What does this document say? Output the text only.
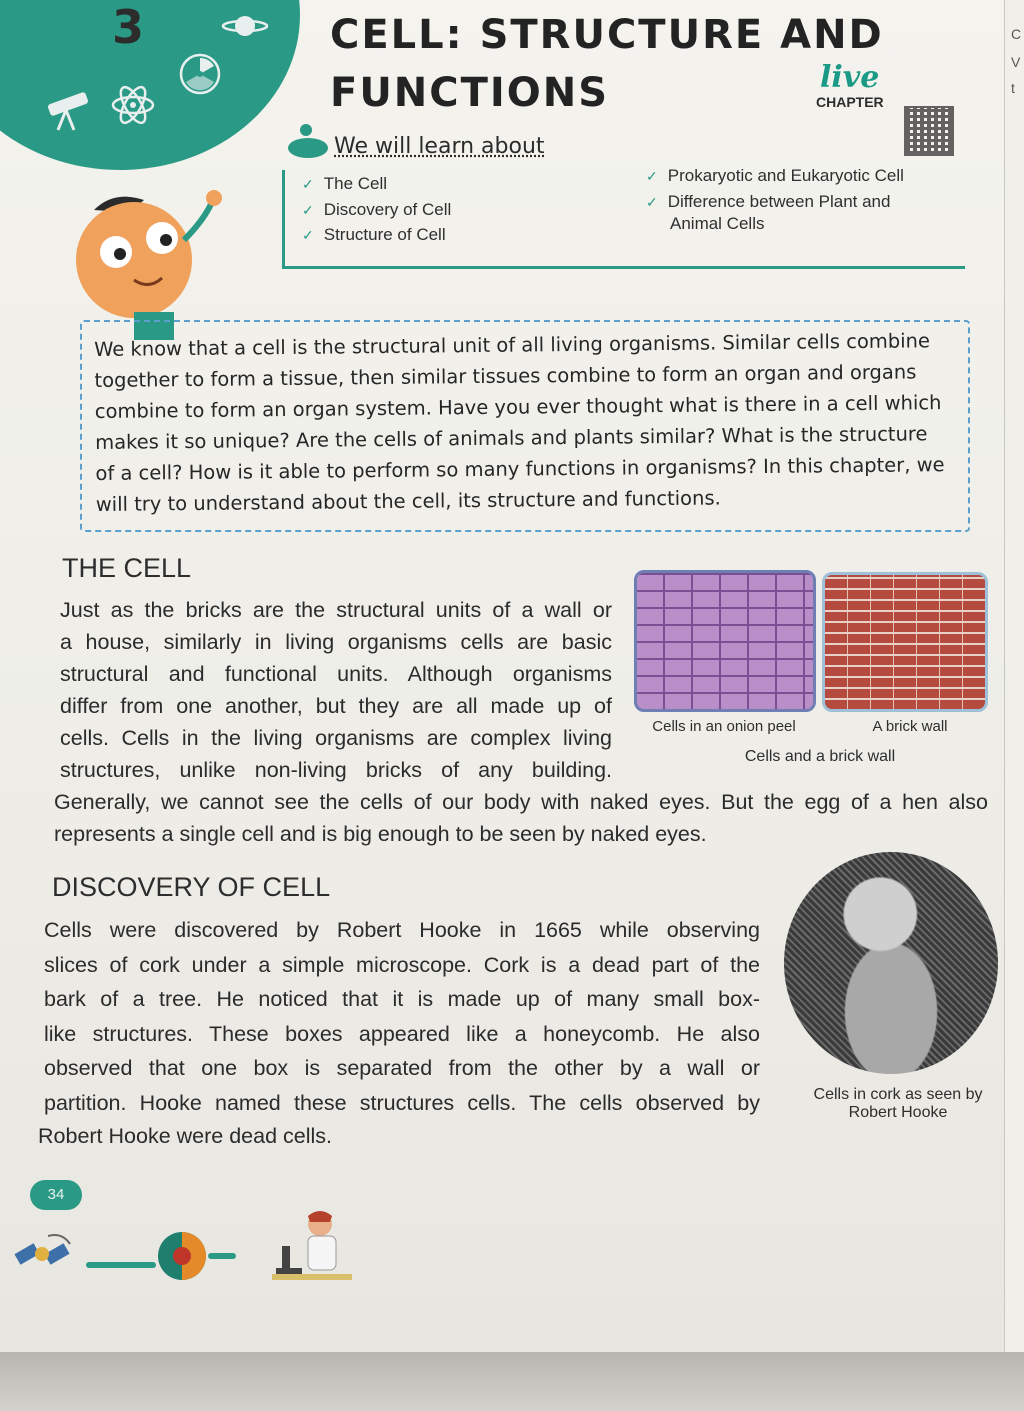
3	CELL: STRUCTURE AND
FUNCTIONS	live
CHAPTER
We will learn about
✓ The Cell
✓ Discovery of Cell
✓ Structure of Cell
✓ Prokaryotic and Eukaryotic Cell
✓ Difference between Plant and
Animal Cells
We know that a cell is the structural unit of all living organisms. Similar cells combine
together to form a tissue, then similar tissues combine to form an organ and organs
combine to form an organ system. Have you ever thought what is there in a cell which
makes it so unique? Are the cells of animals and plants similar? What is the structure
of a cell? How is it able to perform so many functions in organisms? In this chapter, we
will try to understand about the cell, its structure and functions.
THE CELL
Just as the bricks are the structural units of a wall or
a house, similarly in living organisms cells are basic
structural and functional units. Although organisms
differ from one another, but they are all made up of
cells. Cells in the living organisms are complex living
structures, unlike non-living bricks of any building.
Generally, we cannot see the cells of our body with naked eyes. But the egg of a hen also
represents a single cell and is big enough to be seen by naked eyes.
Cells in an onion peel	A brick wall
Cells and a brick wall
DISCOVERY OF CELL
Cells were discovered by Robert Hooke in 1665 while observing
slices of cork under a simple microscope. Cork is a dead part of the
bark of a tree. He noticed that it is made up of many small box-
like structures. These boxes appeared like a honeycomb. He also
observed that one box is separated from the other by a wall or
partition. Hooke named these structures cells. The cells observed by
Robert Hooke were dead cells.
Cells in cork as seen by
Robert Hooke
34
C
V
t
